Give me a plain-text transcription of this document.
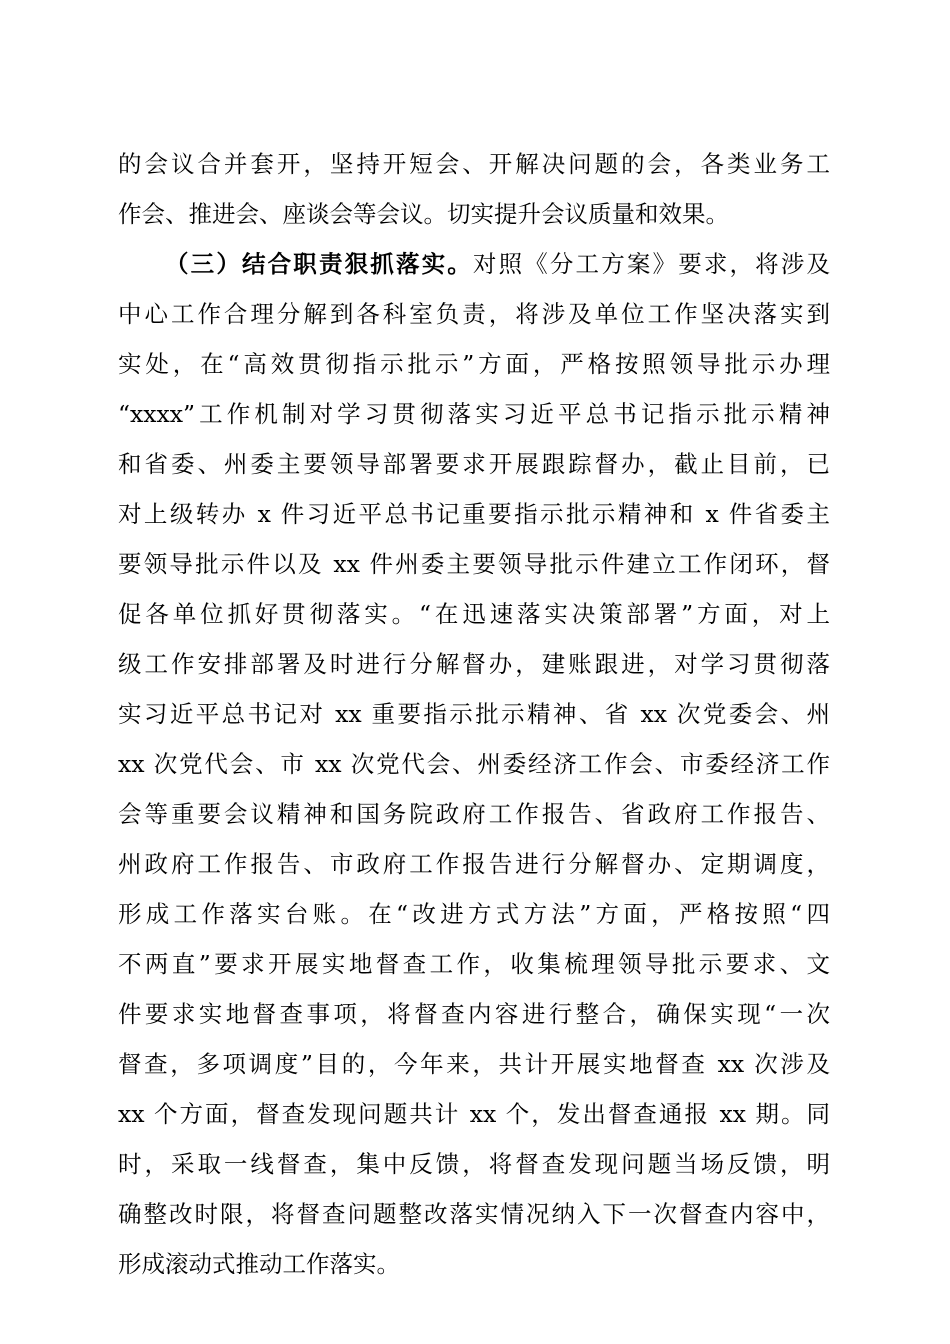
的会议合并套开，坚持开短会、开解决问题的会，各类业务工
作会、推进会、座谈会等会议。切实提升会议质量和效果。
（三）结合职责狠抓落实。对照《分工方案》要求，将涉及
中心工作合理分解到各科室负责，将涉及单位工作坚决落实到
实处，在“高效贯彻指示批示”方面，严格按照领导批示办理
“xxxx”工作机制对学习贯彻落实习近平总书记指示批示精神
和省委、州委主要领导部署要求开展跟踪督办，截止目前，已
对上级转办 x 件习近平总书记重要指示批示精神和 x 件省委主
要领导批示件以及 xx 件州委主要领导批示件建立工作闭环，督
促各单位抓好贯彻落实。“在迅速落实决策部署”方面，对上
级工作安排部署及时进行分解督办，建账跟进，对学习贯彻落
实习近平总书记对 xx 重要指示批示精神、省 xx 次党委会、州
xx 次党代会、市 xx 次党代会、州委经济工作会、市委经济工作
会等重要会议精神和国务院政府工作报告、省政府工作报告、
州政府工作报告、市政府工作报告进行分解督办、定期调度，
形成工作落实台账。在“改进方式方法”方面，严格按照“四
不两直”要求开展实地督查工作，收集梳理领导批示要求、文
件要求实地督查事项，将督查内容进行整合，确保实现“一次
督查，多项调度”目的，今年来，共计开展实地督查 xx 次涉及
xx 个方面，督查发现问题共计 xx 个，发出督查通报 xx 期。同
时，采取一线督查，集中反馈，将督查发现问题当场反馈，明
确整改时限，将督查问题整改落实情况纳入下一次督查内容中，
形成滚动式推动工作落实。
